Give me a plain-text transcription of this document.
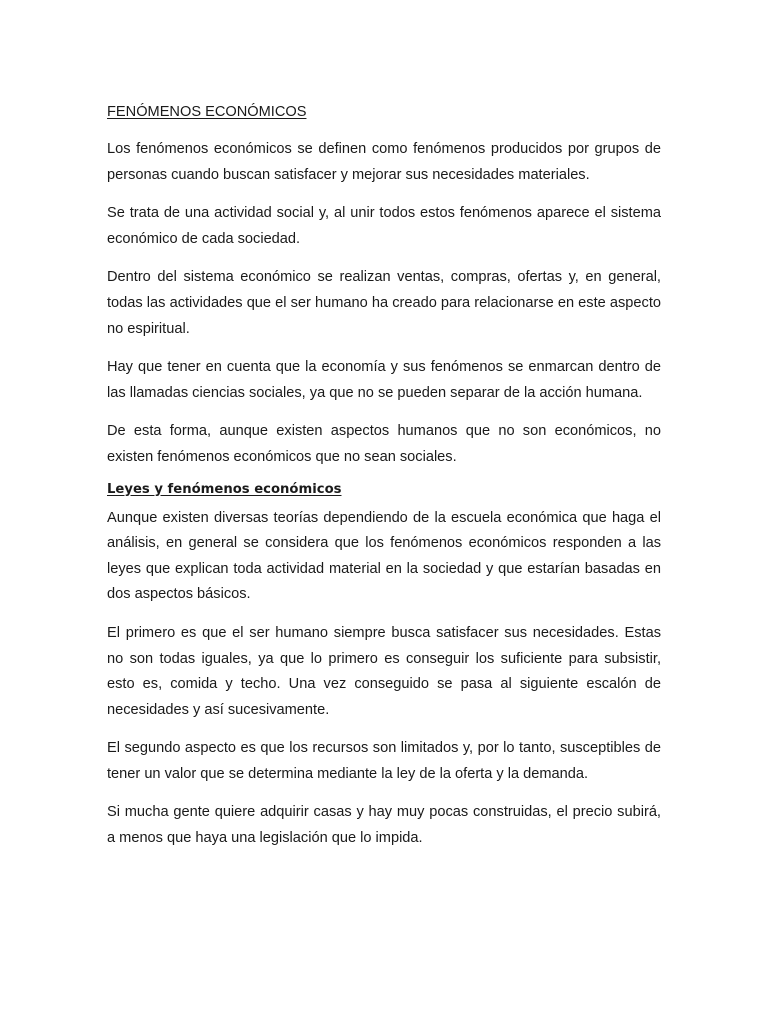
FENÓMENOS ECONÓMICOS

Los fenómenos económicos se definen como fenómenos producidos por grupos de personas cuando buscan satisfacer y mejorar sus necesidades materiales.

Se trata de una actividad social y, al unir todos estos fenómenos aparece el sistema económico de cada sociedad.

Dentro del sistema económico se realizan ventas, compras, ofertas y, en general, todas las actividades que el ser humano ha creado para relacionarse en este aspecto no espiritual.

Hay que tener en cuenta que la economía y sus fenómenos se enmarcan dentro de las llamadas ciencias sociales, ya que no se pueden separar de la acción humana.

De esta forma, aunque existen aspectos humanos que no son económicos, no existen fenómenos económicos que no sean sociales.

Leyes y fenómenos económicos

Aunque existen diversas teorías dependiendo de la escuela económica que haga el análisis, en general se considera que los fenómenos económicos responden a las leyes que explican toda actividad material en la sociedad y que estarían basadas en dos aspectos básicos.

El primero es que el ser humano siempre busca satisfacer sus necesidades. Estas no son todas iguales, ya que lo primero es conseguir los suficiente para subsistir, esto es, comida y techo. Una vez conseguido se pasa al siguiente escalón de necesidades y así sucesivamente.

El segundo aspecto es que los recursos son limitados y, por lo tanto, susceptibles de tener un valor que se determina mediante la ley de la oferta y la demanda.

Si mucha gente quiere adquirir casas y hay muy pocas construidas, el precio subirá, a menos que haya una legislación que lo impida.
